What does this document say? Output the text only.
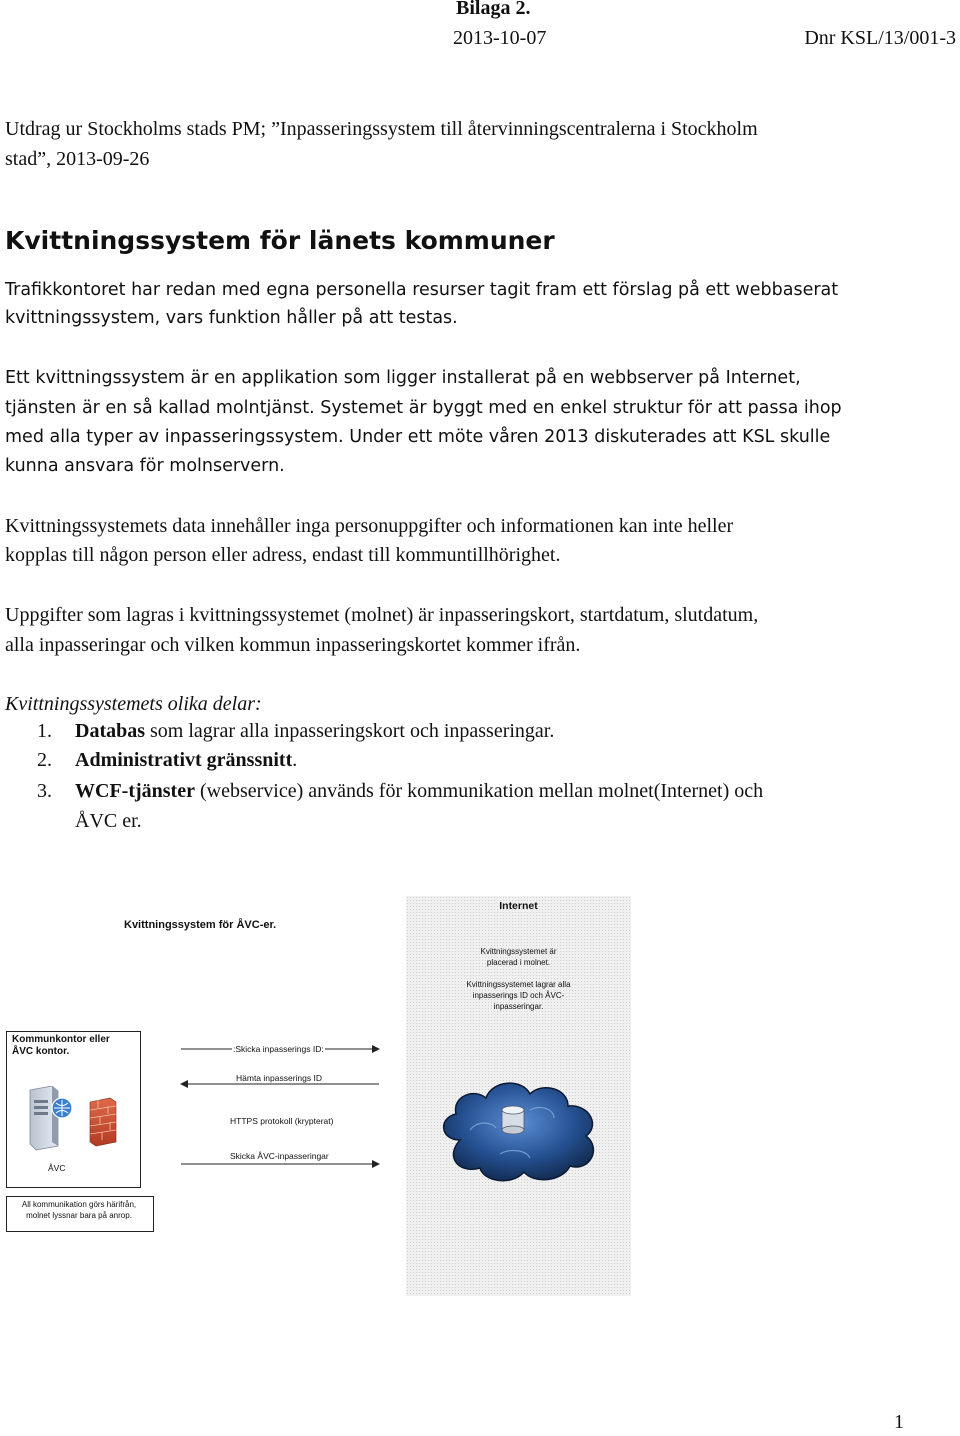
Bilaga 2.
2013-10-07	Dnr KSL/13/001-3
Utdrag ur Stockholms stads PM; ”Inpasseringssystem till återvinningscentralerna i Stockholm
stad”, 2013-09-26
Kvittningssystem för länets kommuner
Trafikkontoret har redan med egna personella resurser tagit fram ett förslag på ett webbaserat
kvittningssystem, vars funktion håller på att testas.
Ett kvittningssystem är en applikation som ligger installerat på en webbserver på Internet,
tjänsten är en så kallad molntjänst. Systemet är byggt med en enkel struktur för att passa ihop
med alla typer av inpasseringssystem. Under ett möte våren 2013 diskuterades att KSL skulle
kunna ansvara för molnservern.
Kvittningssystemets data innehåller inga personuppgifter och informationen kan inte heller
kopplas till någon person eller adress, endast till kommuntillhörighet.
Uppgifter som lagras i kvittningssystemet (molnet) är inpasseringskort, startdatum, slutdatum,
alla inpasseringar och vilken kommun inpasseringskortet kommer ifrån.
Kvittningssystemets olika delar:
1. Databas som lagrar alla inpasseringskort och inpasseringar.
2. Administrativt gränssnitt.
3. WCF-tjänster (webservice) används för kommunikation mellan molnet(Internet) och
ÅVC er.
Internet
Kvittningssystem för ÅVC-er.
Kvittningssystemet är
placerad i molnet.
Kvittningssystemet lagrar alla
inpasserings ID och ÅVC-
inpasseringar.
Kommunkontor eller
ÅVC kontor.
ÅVC
:Skicka inpasserings ID:
Hämta inpasserings ID
HTTPS protokoll (krypterat)
Skicka ÅVC-inpasseringar
All kommunikation görs härifrån,
molnet lyssnar bara på anrop.
1
